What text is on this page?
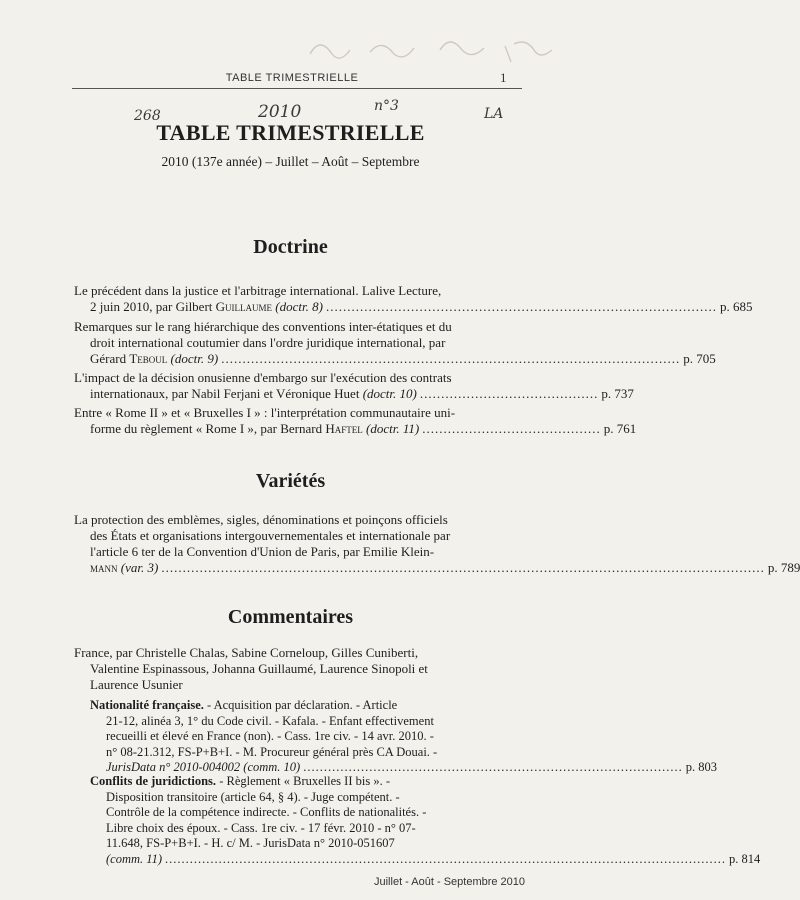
TABLE TRIMESTRIELLE	1
268	2010	n°3	LA
TABLE TRIMESTRIELLE
2010 (137e année) – Juillet – Août – Septembre
Doctrine
Le précédent dans la justice et l'arbitrage international. Lalive Lecture,
2 juin 2010, par Gilbert Guillaume (doctr. 8) ............................................................................................ p. 685
Remarques sur le rang hiérarchique des conventions inter-étatiques et du
droit international coutumier dans l'ordre juridique international, par
Gérard Teboul (doctr. 9) ............................................................................................................ p. 705
L'impact de la décision onusienne d'embargo sur l'exécution des contrats
internationaux, par Nabil Ferjani et Véronique Huet (doctr. 10) .......................................... p. 737
Entre « Rome II » et « Bruxelles I » : l'interprétation communautaire uni-
forme du règlement « Rome I », par Bernard Haftel (doctr. 11) .......................................... p. 761
Variétés
La protection des emblèmes, sigles, dénominations et poinçons officiels
des États et organisations intergouvernementales et internationale par
l'article 6 ter de la Convention d'Union de Paris, par Emilie Klein-
mann (var. 3) .............................................................................................................................................. p. 789
Commentaires
France, par Christelle Chalas, Sabine Corneloup, Gilles Cuniberti,
Valentine Espinassous, Johanna Guillaumé, Laurence Sinopoli et
Laurence Usunier
Nationalité française. - Acquisition par déclaration. - Article
21-12, alinéa 3, 1° du Code civil. - Kafala. - Enfant effectivement
recueilli et élevé en France (non). - Cass. 1re civ. - 14 avr. 2010. -
n° 08-21.312, FS-P+B+I. - M. Procureur général près CA Douai. -
JurisData n° 2010-004002 (comm. 10) ............................................................................................ p. 803
Conflits de juridictions. - Règlement « Bruxelles II bis ». -
Disposition transitoire (article 64, § 4). - Juge compétent. -
Contrôle de la compétence indirecte. - Conflits de nationalités. -
Libre choix des époux. - Cass. 1re civ. - 17 févr. 2010 - n° 07-
11.648, FS-P+B+I. - H. c/ M. - JurisData n° 2010-051607
(comm. 11) ........................................................................................................................................ p. 814
Juillet - Août - Septembre 2010
